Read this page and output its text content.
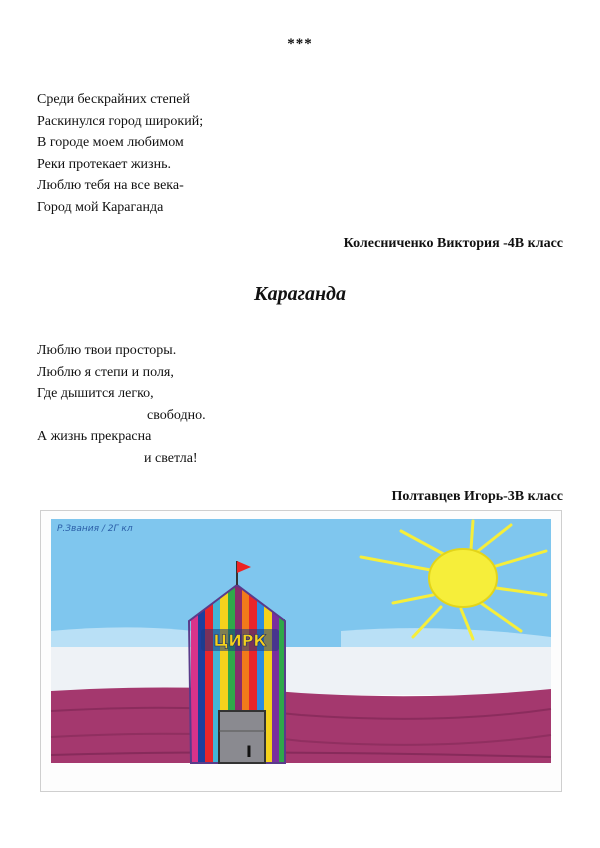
***
Среди бескрайних степей
Раскинулся город широкий;
В городе моем любимом
Реки протекает жизнь.
Люблю тебя на все века-
Город мой Караганда
Колесниченко Виктория -4В класс
Караганда
Люблю твои просторы.
Люблю я степи и поля,
Где дышится легко,
свободно.
А жизнь прекрасна
и светла!
Полтавцев Игорь-3В класс
Р.Звания / 2Г кл
ЦИРК
I
